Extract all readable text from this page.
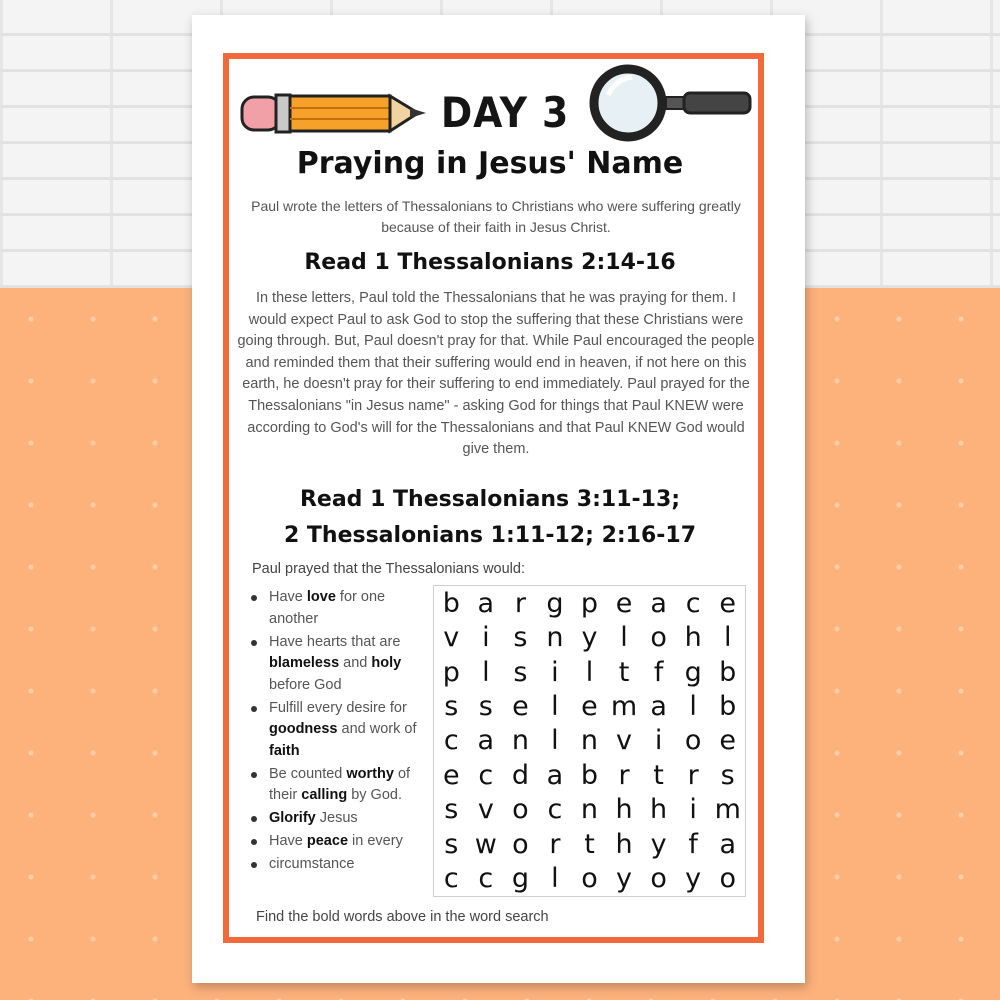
DAY 3
Praying in Jesus' Name
Paul wrote the letters of Thessalonians to Christians who were suffering greatly because of their faith in Jesus Christ.
Read 1 Thessalonians 2:14-16
In these letters, Paul told the Thessalonians that he was praying for them. I would expect Paul to ask God to stop the suffering that these Christians were going through. But, Paul doesn't pray for that. While Paul encouraged the people and reminded them that their suffering would end in heaven, if not here on this earth, he doesn't pray for their suffering to end immediately. Paul prayed for the Thessalonians "in Jesus name" - asking God for things that Paul KNEW were according to God's will for the Thessalonians and that Paul KNEW God would give them.
Read 1 Thessalonians 3:11-13;
2 Thessalonians 1:11-12; 2:16-17
Paul prayed that the Thessalonians would:
Have love for one another
Have hearts that are blameless and holy before God
Fulfill every desire for goodness and work of faith
Be counted worthy of their calling by God.
Glorify Jesus
Have peace in every
circumstance
b a r g p e a c e
v i s n y l o h l
p l s i	l t f g b
s s e l e m a l b
c a n l n v i o e
e c d a b r t r s
s v o c n h h i m
s w o r t h y f a
c c g l o y o y o
Find the bold words above in the word search
